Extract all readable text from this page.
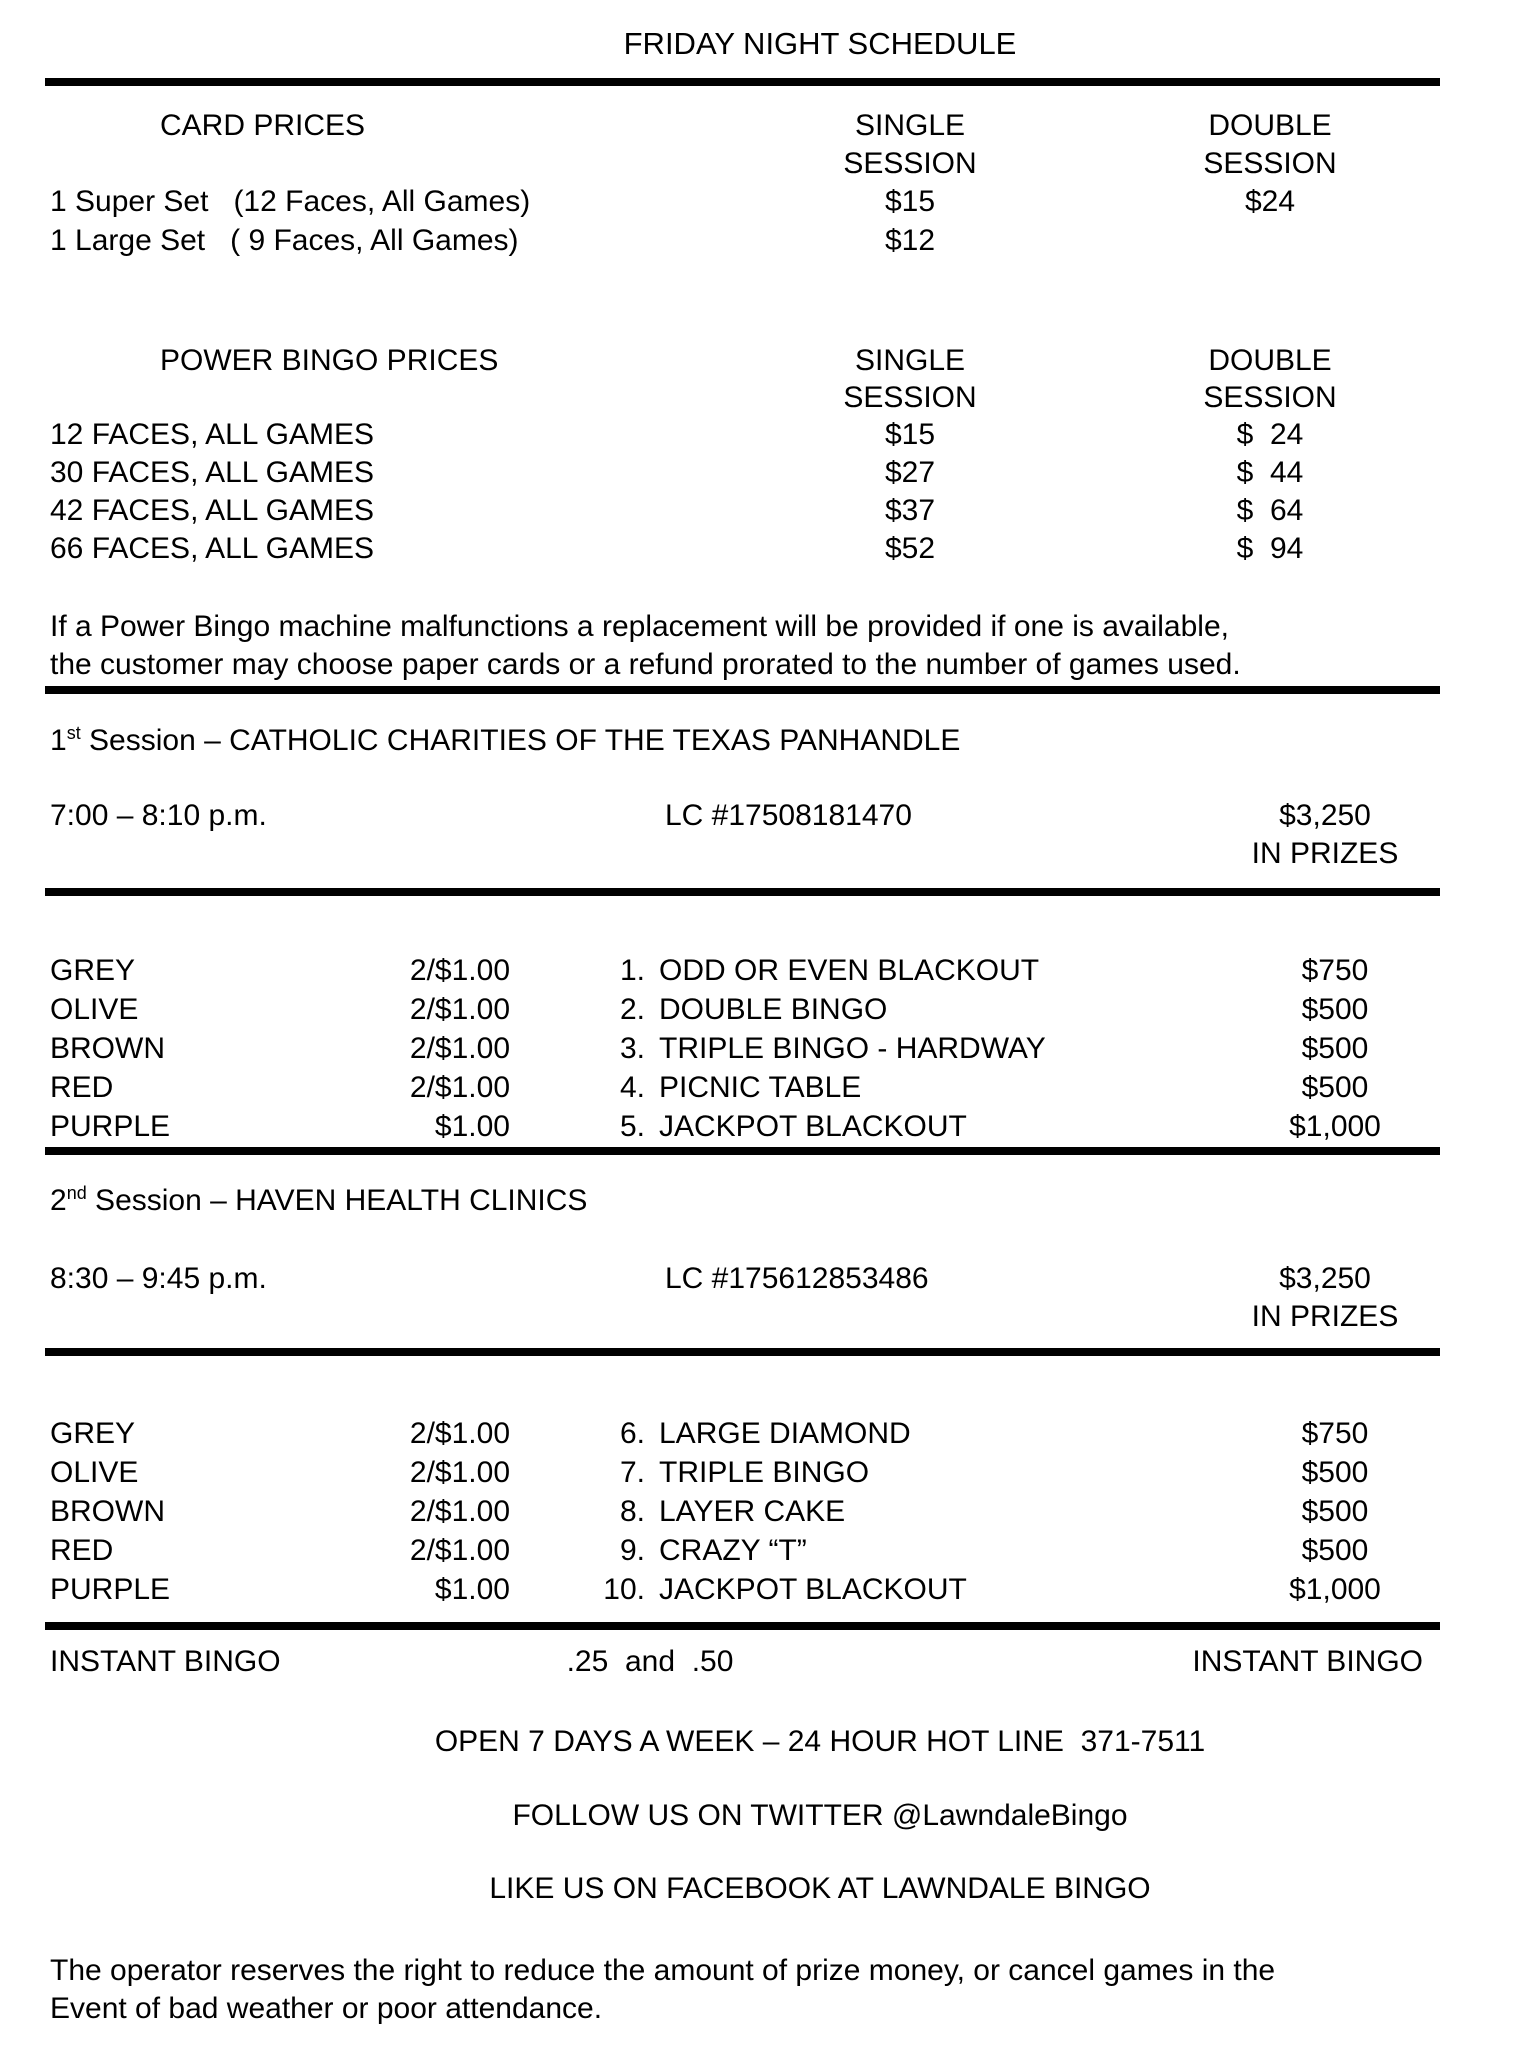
FRIDAY NIGHT SCHEDULE
CARD PRICES	SINGLE	DOUBLE
SESSION	SESSION
1 Super Set   (12 Faces, All Games)	$15	$24
1 Large Set   ( 9 Faces, All Games)	$12
POWER BINGO PRICES	SINGLE	DOUBLE
SESSION	SESSION
12 FACES, ALL GAMES	$15	$  24
30 FACES, ALL GAMES	$27	$  44
42 FACES, ALL GAMES	$37	$  64
66 FACES, ALL GAMES	$52	$  94
If a Power Bingo machine malfunctions a replacement will be provided if one is available,
the customer may choose paper cards or a refund prorated to the number of games used.
1st Session – CATHOLIC CHARITIES OF THE TEXAS PANHANDLE
7:00 – 8:10 p.m.	LC #17508181470	$3,250
IN PRIZES
GREY	2/$1.00	1. ODD OR EVEN BLACKOUT	$750
OLIVE	2/$1.00	2. DOUBLE BINGO	$500
BROWN	2/$1.00	3. TRIPLE BINGO - HARDWAY	$500
RED	2/$1.00	4. PICNIC TABLE	$500
PURPLE	$1.00	5. JACKPOT BLACKOUT	$1,000
2nd Session – HAVEN HEALTH CLINICS
8:30 – 9:45 p.m.	LC #175612853486	$3,250
IN PRIZES
GREY	2/$1.00	6. LARGE DIAMOND	$750
OLIVE	2/$1.00	7. TRIPLE BINGO	$500
BROWN	2/$1.00	8. LAYER CAKE	$500
RED	2/$1.00	9. CRAZY “T”	$500
PURPLE	$1.00	10. JACKPOT BLACKOUT	$1,000
INSTANT BINGO	.25  and  .50	INSTANT BINGO
OPEN 7 DAYS A WEEK – 24 HOUR HOT LINE  371-7511
FOLLOW US ON TWITTER @LawndaleBingo
LIKE US ON FACEBOOK AT LAWNDALE BINGO
The operator reserves the right to reduce the amount of prize money, or cancel games in the
Event of bad weather or poor attendance.
